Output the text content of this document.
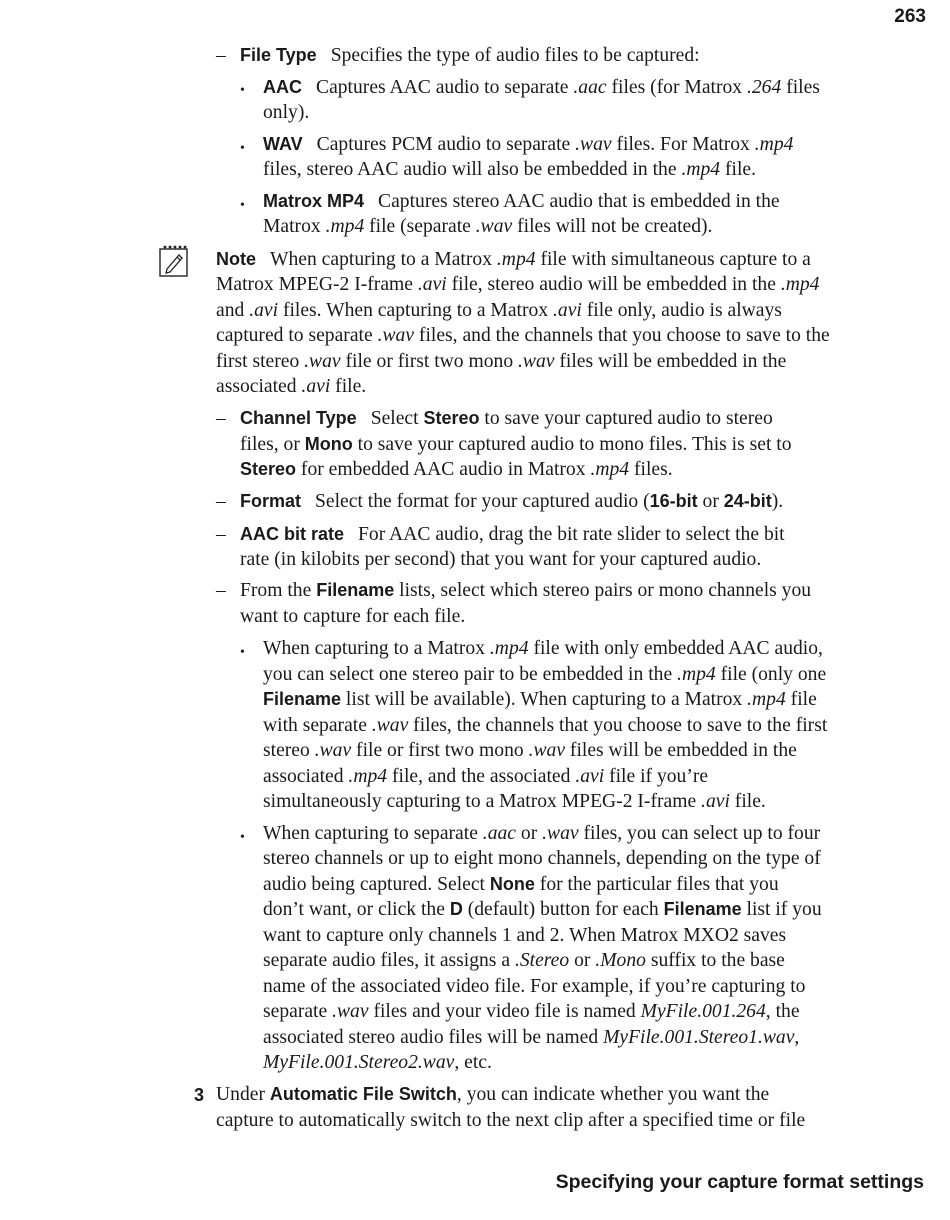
263
– File Type Specifies the type of audio files to be captured:
• AAC Captures AAC audio to separate .aac files (for Matrox .264 files
only).
• WAV Captures PCM audio to separate .wav files. For Matrox .mp4
files, stereo AAC audio will also be embedded in the .mp4 file.
• Matrox MP4 Captures stereo AAC audio that is embedded in the
Matrox .mp4 file (separate .wav files will not be created).
Note When capturing to a Matrox .mp4 file with simultaneous capture to a
Matrox MPEG-2 I-frame .avi file, stereo audio will be embedded in the .mp4
and .avi files. When capturing to a Matrox .avi file only, audio is always
captured to separate .wav files, and the channels that you choose to save to the
first stereo .wav file or first two mono .wav files will be embedded in the
associated .avi file.
– Channel Type Select Stereo to save your captured audio to stereo
files, or Mono to save your captured audio to mono files. This is set to
Stereo for embedded AAC audio in Matrox .mp4 files.
– Format Select the format for your captured audio (16-bit or 24-bit).
– AAC bit rate For AAC audio, drag the bit rate slider to select the bit
rate (in kilobits per second) that you want for your captured audio.
– From the Filename lists, select which stereo pairs or mono channels you
want to capture for each file.
• When capturing to a Matrox .mp4 file with only embedded AAC audio,
you can select one stereo pair to be embedded in the .mp4 file (only one
Filename list will be available). When capturing to a Matrox .mp4 file
with separate .wav files, the channels that you choose to save to the first
stereo .wav file or first two mono .wav files will be embedded in the
associated .mp4 file, and the associated .avi file if you’re
simultaneously capturing to a Matrox MPEG-2 I-frame .avi file.
• When capturing to separate .aac or .wav files, you can select up to four
stereo channels or up to eight mono channels, depending on the type of
audio being captured. Select None for the particular files that you
don’t want, or click the D (default) button for each Filename list if you
want to capture only channels 1 and 2. When Matrox MXO2 saves
separate audio files, it assigns a .Stereo or .Mono suffix to the base
name of the associated video file. For example, if you’re capturing to
separate .wav files and your video file is named MyFile.001.264, the
associated stereo audio files will be named MyFile.001.Stereo1.wav,
MyFile.001.Stereo2.wav, etc.
3 Under Automatic File Switch, you can indicate whether you want the
capture to automatically switch to the next clip after a specified time or file
Specifying your capture format settings
